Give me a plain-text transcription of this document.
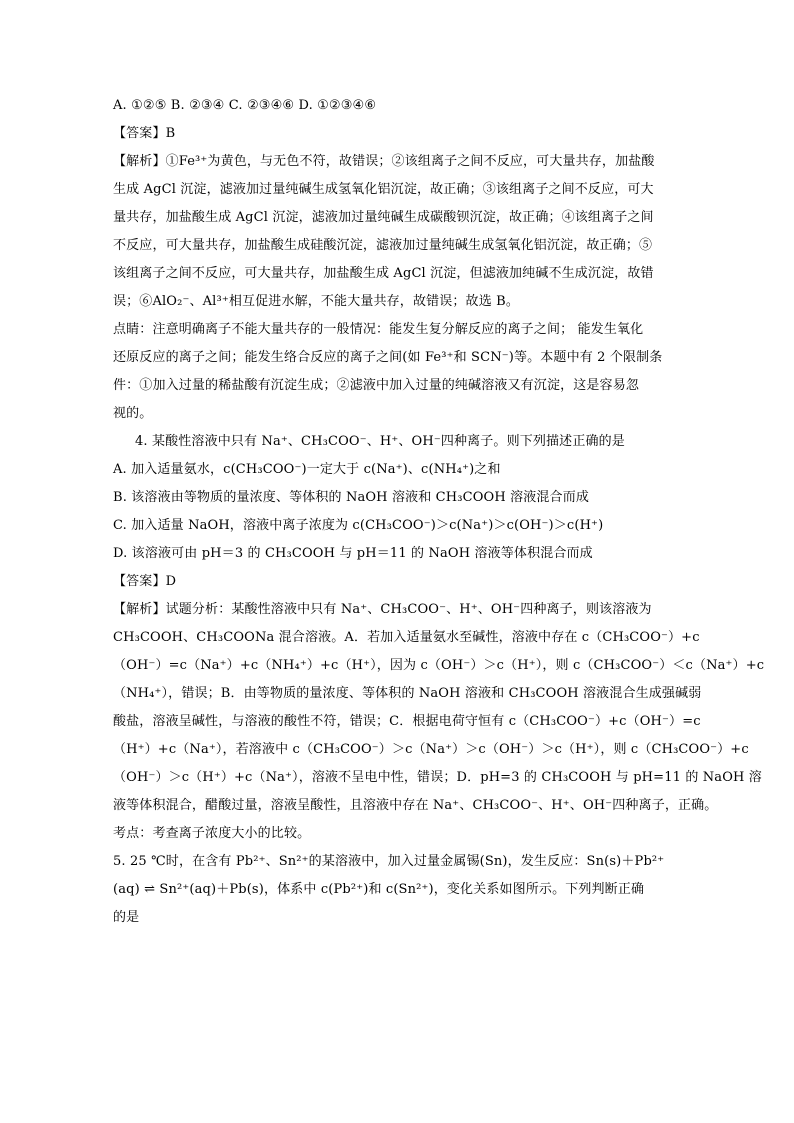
A. ①②⑤ B. ②③④ C. ②③④⑥ D. ①②③④⑥

【答案】B

【解析】①Fe³⁺为黄色，与无色不符，故错误；②该组离子之间不反应，可大量共存，加盐酸

生成 AgCl 沉淀，滤液加过量纯碱生成氢氧化铝沉淀，故正确；③该组离子之间不反应，可大

量共存，加盐酸生成 AgCl 沉淀，滤液加过量纯碱生成碳酸钡沉淀，故正确；④该组离子之间

不反应，可大量共存，加盐酸生成硅酸沉淀，滤液加过量纯碱生成氢氧化铝沉淀，故正确；⑤

该组离子之间不反应，可大量共存，加盐酸生成 AgCl 沉淀，但滤液加纯碱不生成沉淀，故错

误；⑥AlO₂⁻、Al³⁺相互促进水解，不能大量共存，故错误；故选 B。

点睛：注意明确离子不能大量共存的一般情况：能发生复分解反应的离子之间； 能发生氧化

还原反应的离子之间；能发生络合反应的离子之间(如 Fe³⁺和 SCN⁻)等。本题中有 2 个限制条

件：①加入过量的稀盐酸有沉淀生成；②滤液中加入过量的纯碱溶液又有沉淀，这是容易忽

视的。

4. 某酸性溶液中只有 Na⁺、CH₃COO⁻、H⁺、OH⁻四种离子。则下列描述正确的是

A. 加入适量氨水，c(CH₃COO⁻)一定大于 c(Na⁺)、c(NH₄⁺)之和

B. 该溶液由等物质的量浓度、等体积的 NaOH 溶液和 CH₃COOH 溶液混合而成

C. 加入适量 NaOH，溶液中离子浓度为 c(CH₃COO⁻)＞c(Na⁺)＞c(OH⁻)＞c(H⁺)

D. 该溶液可由 pH＝3 的 CH₃COOH 与 pH＝11 的 NaOH 溶液等体积混合而成

【答案】D

【解析】试题分析：某酸性溶液中只有 Na⁺、CH₃COO⁻、H⁺、OH⁻四种离子，则该溶液为

CH₃COOH、CH₃COONa 混合溶液。A．若加入适量氨水至碱性，溶液中存在 c（CH₃COO⁻）+c

（OH⁻）=c（Na⁺）+c（NH₄⁺）+c（H⁺），因为 c（OH⁻）＞c（H⁺），则 c（CH₃COO⁻）＜c（Na⁺）+c

（NH₄⁺），错误；B．由等物质的量浓度、等体积的 NaOH 溶液和 CH₃COOH 溶液混合生成强碱弱

酸盐，溶液呈碱性，与溶液的酸性不符，错误；C．根据电荷守恒有 c（CH₃COO⁻）+c（OH⁻）=c

（H⁺）+c（Na⁺），若溶液中 c（CH₃COO⁻）＞c（Na⁺）＞c（OH⁻）＞c（H⁺），则 c（CH₃COO⁻）+c

（OH⁻）＞c（H⁺）+c（Na⁺），溶液不呈电中性，错误；D．pH=3 的 CH₃COOH 与 pH=11 的 NaOH 溶

液等体积混合，醋酸过量，溶液呈酸性，且溶液中存在 Na⁺、CH₃COO⁻、H⁺、OH⁻四种离子，正确。

考点：考查离子浓度大小的比较。

5. 25 ℃时，在含有 Pb²⁺、Sn²⁺的某溶液中，加入过量金属锡(Sn)，发生反应：Sn(s)＋Pb²⁺

(aq) ⇌ Sn²⁺(aq)＋Pb(s)，体系中 c(Pb²⁺)和 c(Sn²⁺)，变化关系如图所示。下列判断正确

的是
